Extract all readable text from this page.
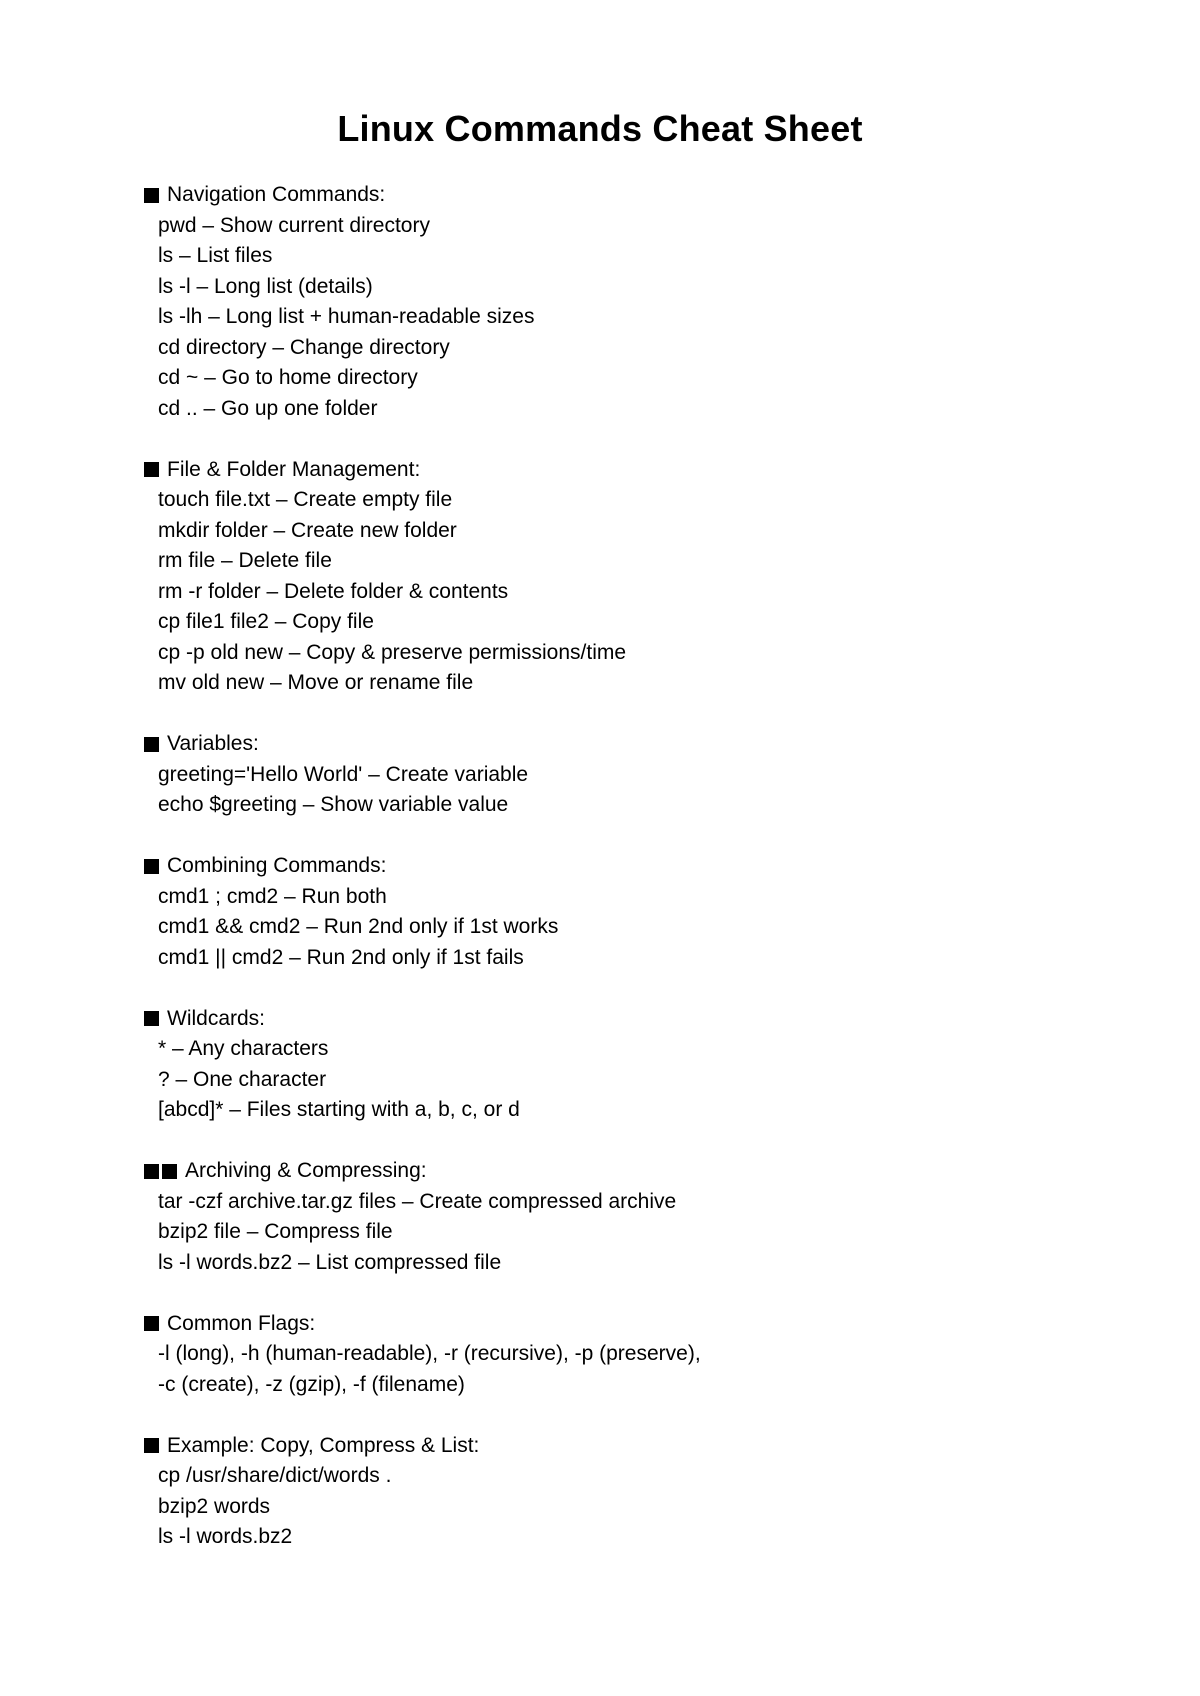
Linux Commands Cheat Sheet
Navigation Commands:
pwd – Show current directory
ls – List files
ls -l – Long list (details)
ls -lh – Long list + human-readable sizes
cd directory – Change directory
cd ~ – Go to home directory
cd .. – Go up one folder
File & Folder Management:
touch file.txt – Create empty file
mkdir folder – Create new folder
rm file – Delete file
rm -r folder – Delete folder & contents
cp file1 file2 – Copy file
cp -p old new – Copy & preserve permissions/time
mv old new – Move or rename file
Variables:
greeting='Hello World' – Create variable
echo $greeting – Show variable value
Combining Commands:
cmd1 ; cmd2 – Run both
cmd1 && cmd2 – Run 2nd only if 1st works
cmd1 || cmd2 – Run 2nd only if 1st fails
Wildcards:
* – Any characters
? – One character
[abcd]* – Files starting with a, b, c, or d
Archiving & Compressing:
tar -czf archive.tar.gz files – Create compressed archive
bzip2 file – Compress file
ls -l words.bz2 – List compressed file
Common Flags:
-l (long), -h (human-readable), -r (recursive), -p (preserve),
-c (create), -z (gzip), -f (filename)
Example: Copy, Compress & List:
cp /usr/share/dict/words .
bzip2 words
ls -l words.bz2
